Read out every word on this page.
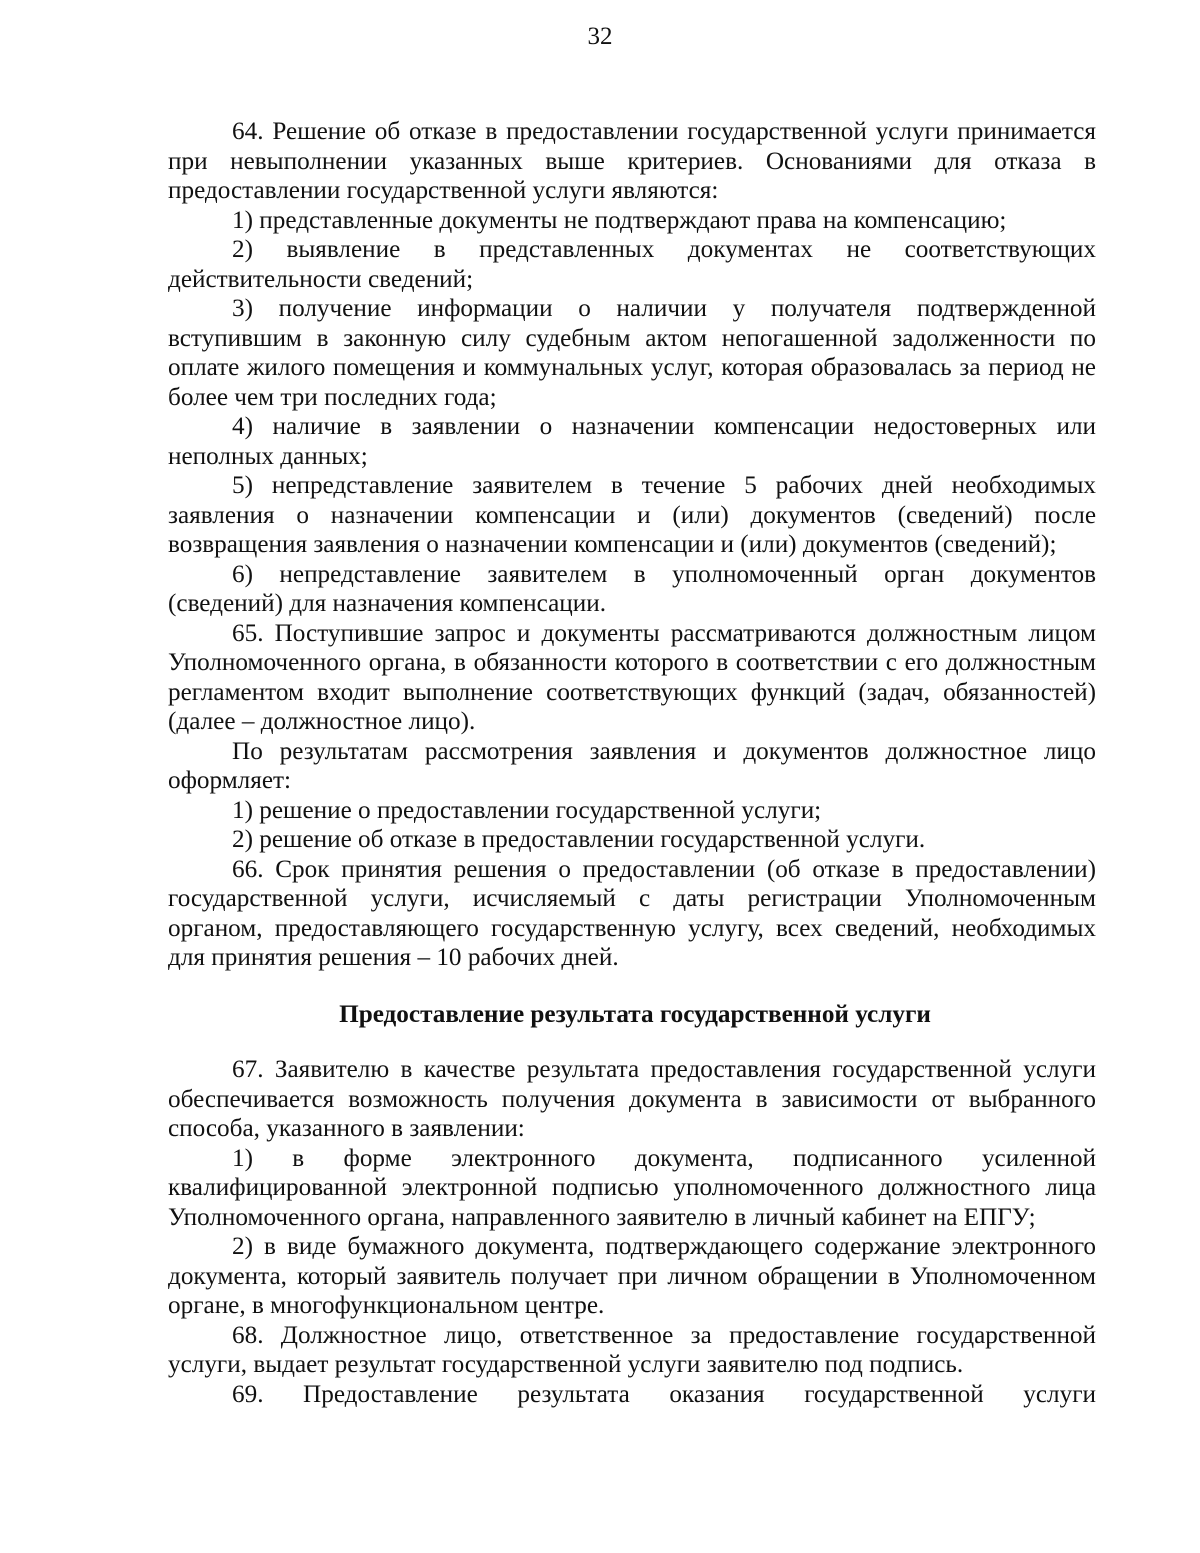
32

64. Решение об отказе в предоставлении государственной услуги принимается при невыполнении указанных выше критериев. Основаниями для отказа в предоставлении государственной услуги являются:

1) представленные документы не подтверждают права на компенсацию;

2) выявление в представленных документах не соответствующих действительности сведений;

3) получение информации о наличии у получателя подтвержденной вступившим в законную силу судебным актом непогашенной задолженности по оплате жилого помещения и коммунальных услуг, которая образовалась за период не более чем три последних года;

4) наличие в заявлении о назначении компенсации недостоверных или неполных данных;

5) непредставление заявителем в течение 5 рабочих дней необходимых заявления о назначении компенсации и (или) документов (сведений) после возвращения заявления о назначении компенсации и (или) документов (сведений);

6) непредставление заявителем в уполномоченный орган документов (сведений) для назначения компенсации.

65. Поступившие запрос и документы рассматриваются должностным лицом Уполномоченного органа, в обязанности которого в соответствии с его должностным регламентом входит выполнение соответствующих функций (задач, обязанностей) (далее – должностное лицо).

По результатам рассмотрения заявления и документов должностное лицо оформляет:

1) решение о предоставлении государственной услуги;

2) решение об отказе в предоставлении государственной услуги.

66. Срок принятия решения о предоставлении (об отказе в предоставлении) государственной услуги, исчисляемый с даты регистрации Уполномоченным органом, предоставляющего государственную услугу, всех сведений, необходимых для принятия решения – 10 рабочих дней.

Предоставление результата государственной услуги

67. Заявителю в качестве результата предоставления государственной услуги обеспечивается возможность получения документа в зависимости от выбранного способа, указанного в заявлении:

1) в форме электронного документа, подписанного усиленной квалифицированной электронной подписью уполномоченного должностного лица Уполномоченного органа, направленного заявителю в личный кабинет на ЕПГУ;

2) в виде бумажного документа, подтверждающего содержание электронного документа, который заявитель получает при личном обращении в Уполномоченном органе, в многофункциональном центре.

68. Должностное лицо, ответственное за предоставление государственной услуги, выдает результат государственной услуги заявителю под подпись.

69. Предоставление результата оказания государственной услуги
